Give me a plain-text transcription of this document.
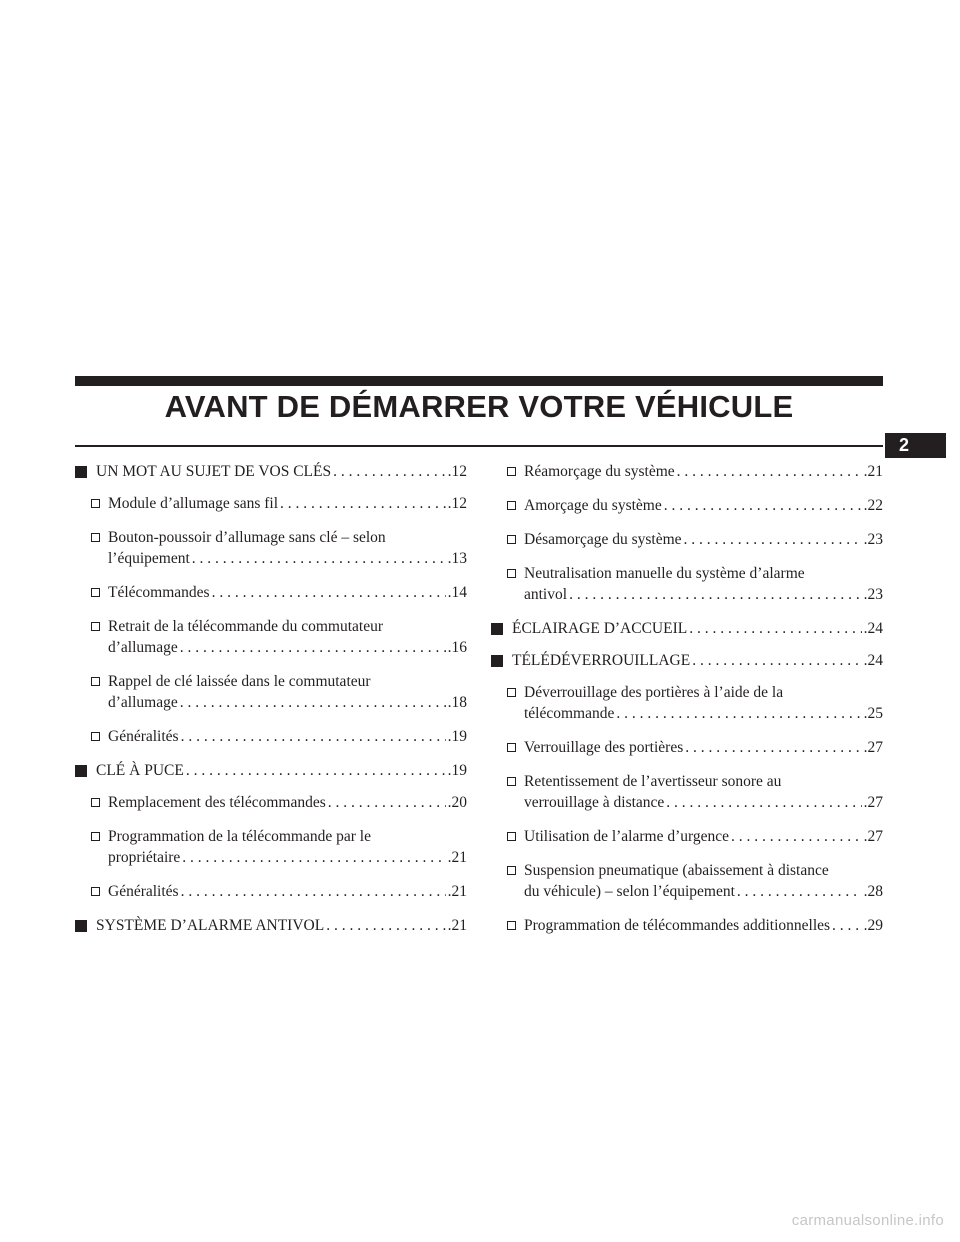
AVANT DE DÉMARRER VOTRE VÉHICULE
2
UN MOT AU SUJET DE VOS CLÉS . . .	.12
Module d’allumage sans fil . . .	.12
Bouton-poussoir d’allumage sans clé – selon
l’équipement . . .	.13
Télécommandes . . .	.14
Retrait de la télécommande du commutateur
d’allumage . . .	.16
Rappel de clé laissée dans le commutateur
d’allumage . . .	.18
Généralités . . .	.19
CLÉ À PUCE . . .	.19
Remplacement des télécommandes . . .	.20
Programmation de la télécommande par le
propriétaire . . .	.21
Généralités . . .	.21
SYSTÈME D’ALARME ANTIVOL . . .	.21
Réamorçage du système . . .	.21
Amorçage du système . . .	.22
Désamorçage du système . . .	.23
Neutralisation manuelle du système d’alarme
antivol . . .	.23
ÉCLAIRAGE D’ACCUEIL . . .	.24
TÉLÉDÉVERROUILLAGE . . .	.24
Déverrouillage des portières à l’aide de la
télécommande . . .	.25
Verrouillage des portières . . .	.27
Retentissement de l’avertisseur sonore au
verrouillage à distance . . .	.27
Utilisation de l’alarme d’urgence . . .	.27
Suspension pneumatique (abaissement à distance
du véhicule) – selon l’équipement . . .	.28
Programmation de télécommandes additionnelles . . . .29
carmanualsonline.info
